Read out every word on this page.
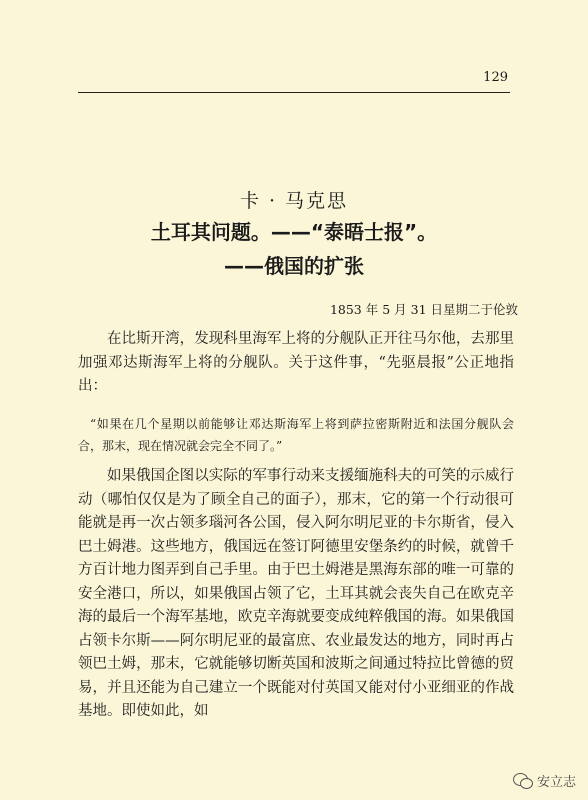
129
卡 · 马克思
土耳其问题。——“泰晤士报”。
——俄国的扩张
1853 年 5 月 31 日星期二于伦敦

在比斯开湾，发现科里海军上将的分舰队正开往马尔他，去那里加强邓达斯海军上将的分舰队。关于这件事，“先驱晨报”公正地指出：

“如果在几个星期以前能够让邓达斯海军上将到萨拉密斯附近和法国分舰队会合，那末，现在情况就会完全不同了。”

如果俄国企图以实际的军事行动来支援缅施科夫的可笑的示威行动（哪怕仅仅是为了顾全自己的面子），那末，它的第一个行动很可能就是再一次占领多瑙河各公国，侵入阿尔明尼亚的卡尔斯省，侵入巴土姆港。这些地方，俄国远在签订阿德里安堡条约的时候，就曾千方百计地力图弄到自己手里。由于巴土姆港是黑海东部的唯一可靠的安全港口，所以，如果俄国占领了它，土耳其就会丧失自己在欧克辛海的最后一个海军基地，欧克辛海就要变成纯粹俄国的海。如果俄国占领卡尔斯——阿尔明尼亚的最富庶、农业最发达的地方，同时再占领巴土姆，那末，它就能够切断英国和波斯之间通过特拉比曾德的贸易，并且还能为自己建立一个既能对付英国又能对付小亚细亚的作战基地。即使如此，如

安立志
